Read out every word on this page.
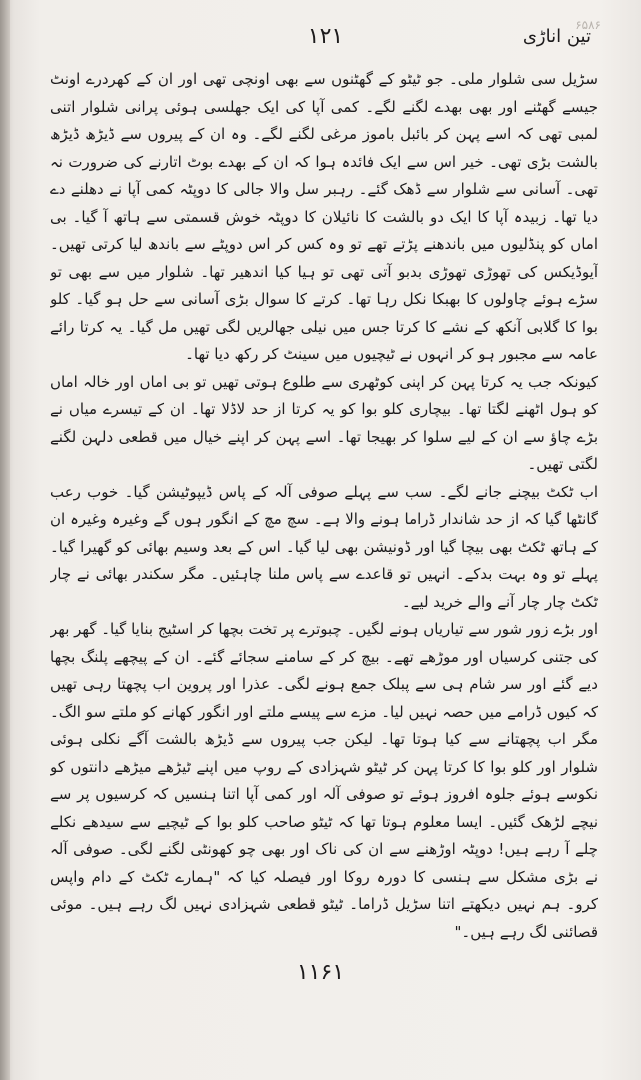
۶۵۸۶
۱۲۱	تین اناڑی

سڑیل سی شلوار ملی۔ جو ٹیٹو کے گھٹنوں سے بھی اونچی تھی اور ان کے کھردرے اونٹ جیسے گھٹنے اور بھی بھدے لگنے لگے۔ کمی آپا کی ایک جھلسی ہوئی پرانی شلوار اتنی لمبی تھی کہ اسے پہن کر بائبل باموز مرغی لگنے لگے۔ وہ ان کے پیروں سے ڈیڑھ ڈیڑھ بالشت بڑی تھی۔ خیر اس سے ایک فائدہ ہوا کہ ان کے بھدے بوٹ اتارنے کی ضرورت نہ تھی۔ آسانی سے شلوار سے ڈھک گئے۔ رہبر سل والا جالی کا دوپٹہ کمی آپا نے دھلنے دے دیا تھا۔ زبیدہ آپا کا ایک دو بالشت کا نائیلان کا دوپٹہ خوش قسمتی سے ہاتھ آ گیا۔ بی اماں کو پنڈلیوں میں باندھنے پڑتے تھے تو وہ کس کر اس دوپٹے سے باندھ لیا کرتی تھیں۔ آیوڈیکس کی تھوڑی تھوڑی بدبو آتی تھی تو ہیا کیا اندھیر تھا۔ شلوار میں سے بھی تو سڑے ہوئے چاولوں کا بھبکا نکل رہا تھا۔ کرتے کا سوال بڑی آسانی سے حل ہو گیا۔ کلو بوا کا گلابی آنکھ کے نشے کا کرتا جس میں نیلی جھالریں لگی تھیں مل گیا۔ یہ کرتا رائے عامہ سے مجبور ہو کر انہوں نے ٹیچیوں میں سینٹ کر رکھ دیا تھا۔

کیونکہ جب یہ کرتا پہن کر اپنی کوٹھری سے طلوع ہوتی تھیں تو بی اماں اور خالہ اماں کو ہول اٹھنے لگتا تھا۔ بیچاری کلو بوا کو یہ کرتا از حد لاڈلا تھا۔ ان کے تیسرے میاں نے بڑے چاؤ سے ان کے لیے سلوا کر بھیجا تھا۔ اسے پہن کر اپنے خیال میں قطعی دلہن لگنے لگتی تھیں۔

اب ٹکٹ بیچنے جانے لگے۔ سب سے پہلے صوفی آلہ کے پاس ڈیپوٹیشن گیا۔ خوب رعب گانٹھا گیا کہ از حد شاندار ڈراما ہونے والا ہے۔ سچ مچ کے انگور ہوں گے وغیرہ وغیرہ ان کے ہاتھ ٹکٹ بھی بیچا گیا اور ڈونیشن بھی لیا گیا۔ اس کے بعد وسیم بھائی کو گھیرا گیا۔ پہلے تو وہ بہت بدکے۔ انہیں تو قاعدے سے پاس ملنا چاہئیں۔ مگر سکندر بھائی نے چار ٹکٹ چار چار آنے والے خرید لیے۔

اور بڑے زور شور سے تیاریاں ہونے لگیں۔ چبوترے پر تخت بچھا کر اسٹیج بنایا گیا۔ گھر بھر کی جتنی کرسیاں اور موڑھے تھے۔ بیچ کر کے سامنے سجائے گئے۔ ان کے پیچھے پلنگ بچھا دیے گئے اور سر شام ہی سے پبلک جمع ہونے لگی۔ عذرا اور پروین اب پچھتا رہی تھیں کہ کیوں ڈرامے میں حصہ نہیں لیا۔ مزے سے پیسے ملتے اور انگور کھانے کو ملتے سو الگ۔ مگر اب پچھتانے سے کیا ہوتا تھا۔ لیکن جب پیروں سے ڈیڑھ بالشت آگے نکلی ہوئی شلوار اور کلو بوا کا کرتا پہن کر ٹیٹو شہزادی کے روپ میں اپنے ٹیڑھے میڑھے دانتوں کو نکوسے ہوئے جلوہ افروز ہوئے تو صوفی آلہ اور کمی آپا اتنا ہنسیں کہ کرسیوں پر سے نیچے لڑھک گئیں۔ ایسا معلوم ہوتا تھا کہ ٹیٹو صاحب کلو بوا کے ٹیچیے سے سیدھے نکلے چلے آ رہے ہیں! دوپٹہ اوڑھنے سے ان کی ناک اور بھی چو کھونٹی لگنے لگی۔ صوفی آلہ نے بڑی مشکل سے ہنسی کا دورہ روکا اور فیصلہ کیا کہ "ہمارے ٹکٹ کے دام واپس کرو۔ ہم نہیں دیکھتے اتنا سڑیل ڈراما۔ ٹیٹو قطعی شہزادی نہیں لگ رہے ہیں۔ موئی قصائنی لگ رہے ہیں۔"

۱۱۶۱
